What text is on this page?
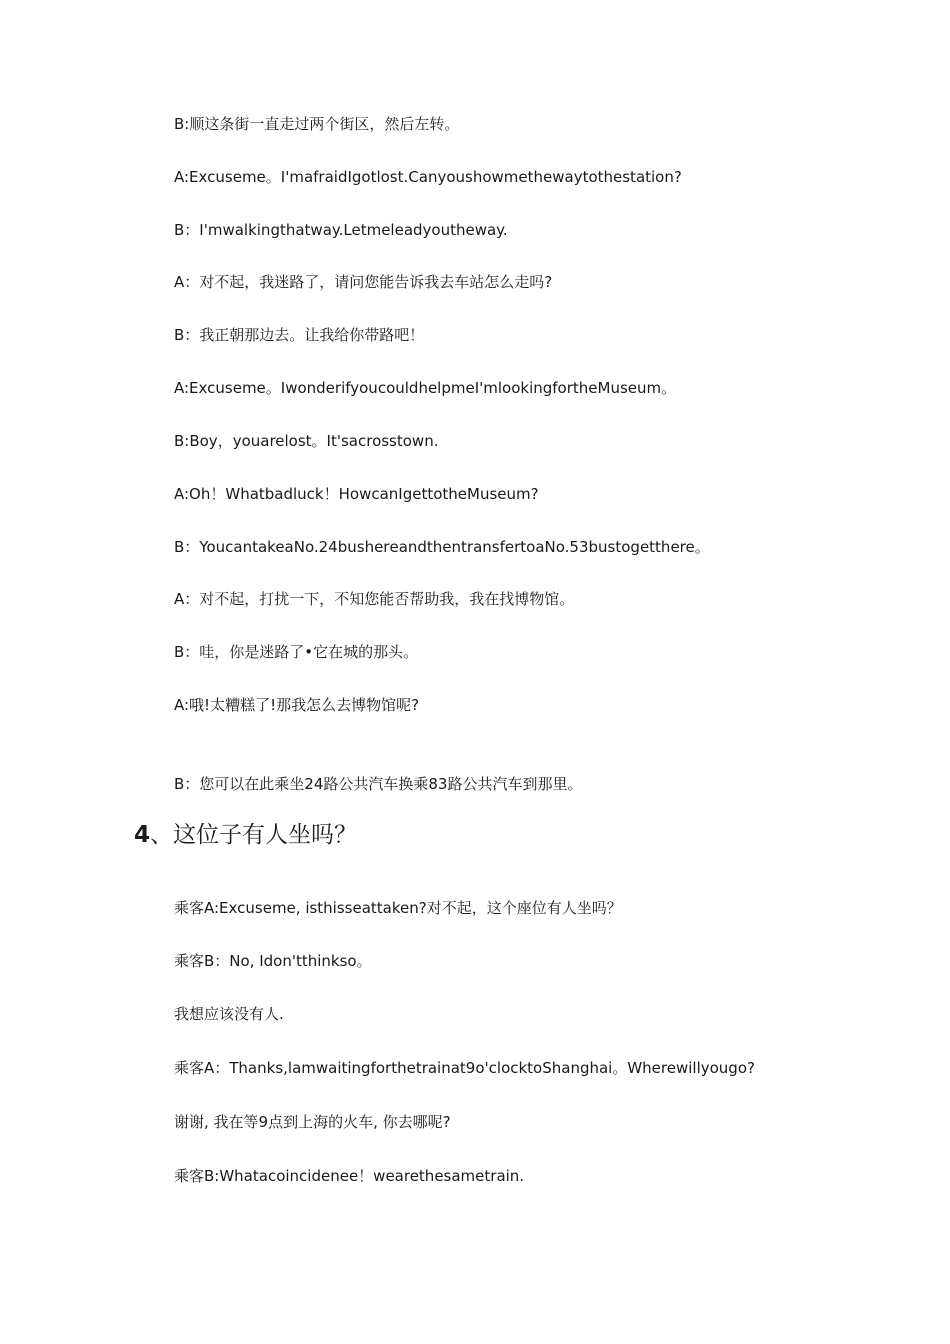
B:顺这条街一直走过两个街区，然后左转。
A:Excuseme。I'mafraidIgotlost.Canyoushowmethewaytothestation?
B：I'mwalkingthatway.Letmeleadyoutheway.
A：对不起，我迷路了，请问您能告诉我去车站怎么走吗?
B：我正朝那边去。让我给你带路吧！
A:Excuseme。IwonderifyoucouldhelpmeI'mlookingfortheMuseum。
B:Boy，youarelost。It'sacrosstown.
A:Oh！Whatbadluck！HowcanIgettotheMuseum?
B：YoucantakeaNo.24busherеandthentransfertoaNo.53bustogetthere。
A：对不起，打扰一下，不知您能否帮助我，我在找博物馆。
B：哇，你是迷路了•它在城的那头。
A:哦!太糟糕了!那我怎么去博物馆呢?
B：您可以在此乘坐24路公共汽车换乘83路公共汽车到那里。
4、这位子有人坐吗？
乘客A:Excuseme, isthisseattaken?对不起，这个座位有人坐吗？
乘客B：No, Idon'tthinkso。
我想应该没有人.
乘客A：Thanks,lamwaitingforthetrainat9o'clocktoShanghai。Wherewillyougo?
谢谢, 我在等9点到上海的火车, 你去哪呢?
乘客B:Whatacoincidenee！wearethesametrain.
